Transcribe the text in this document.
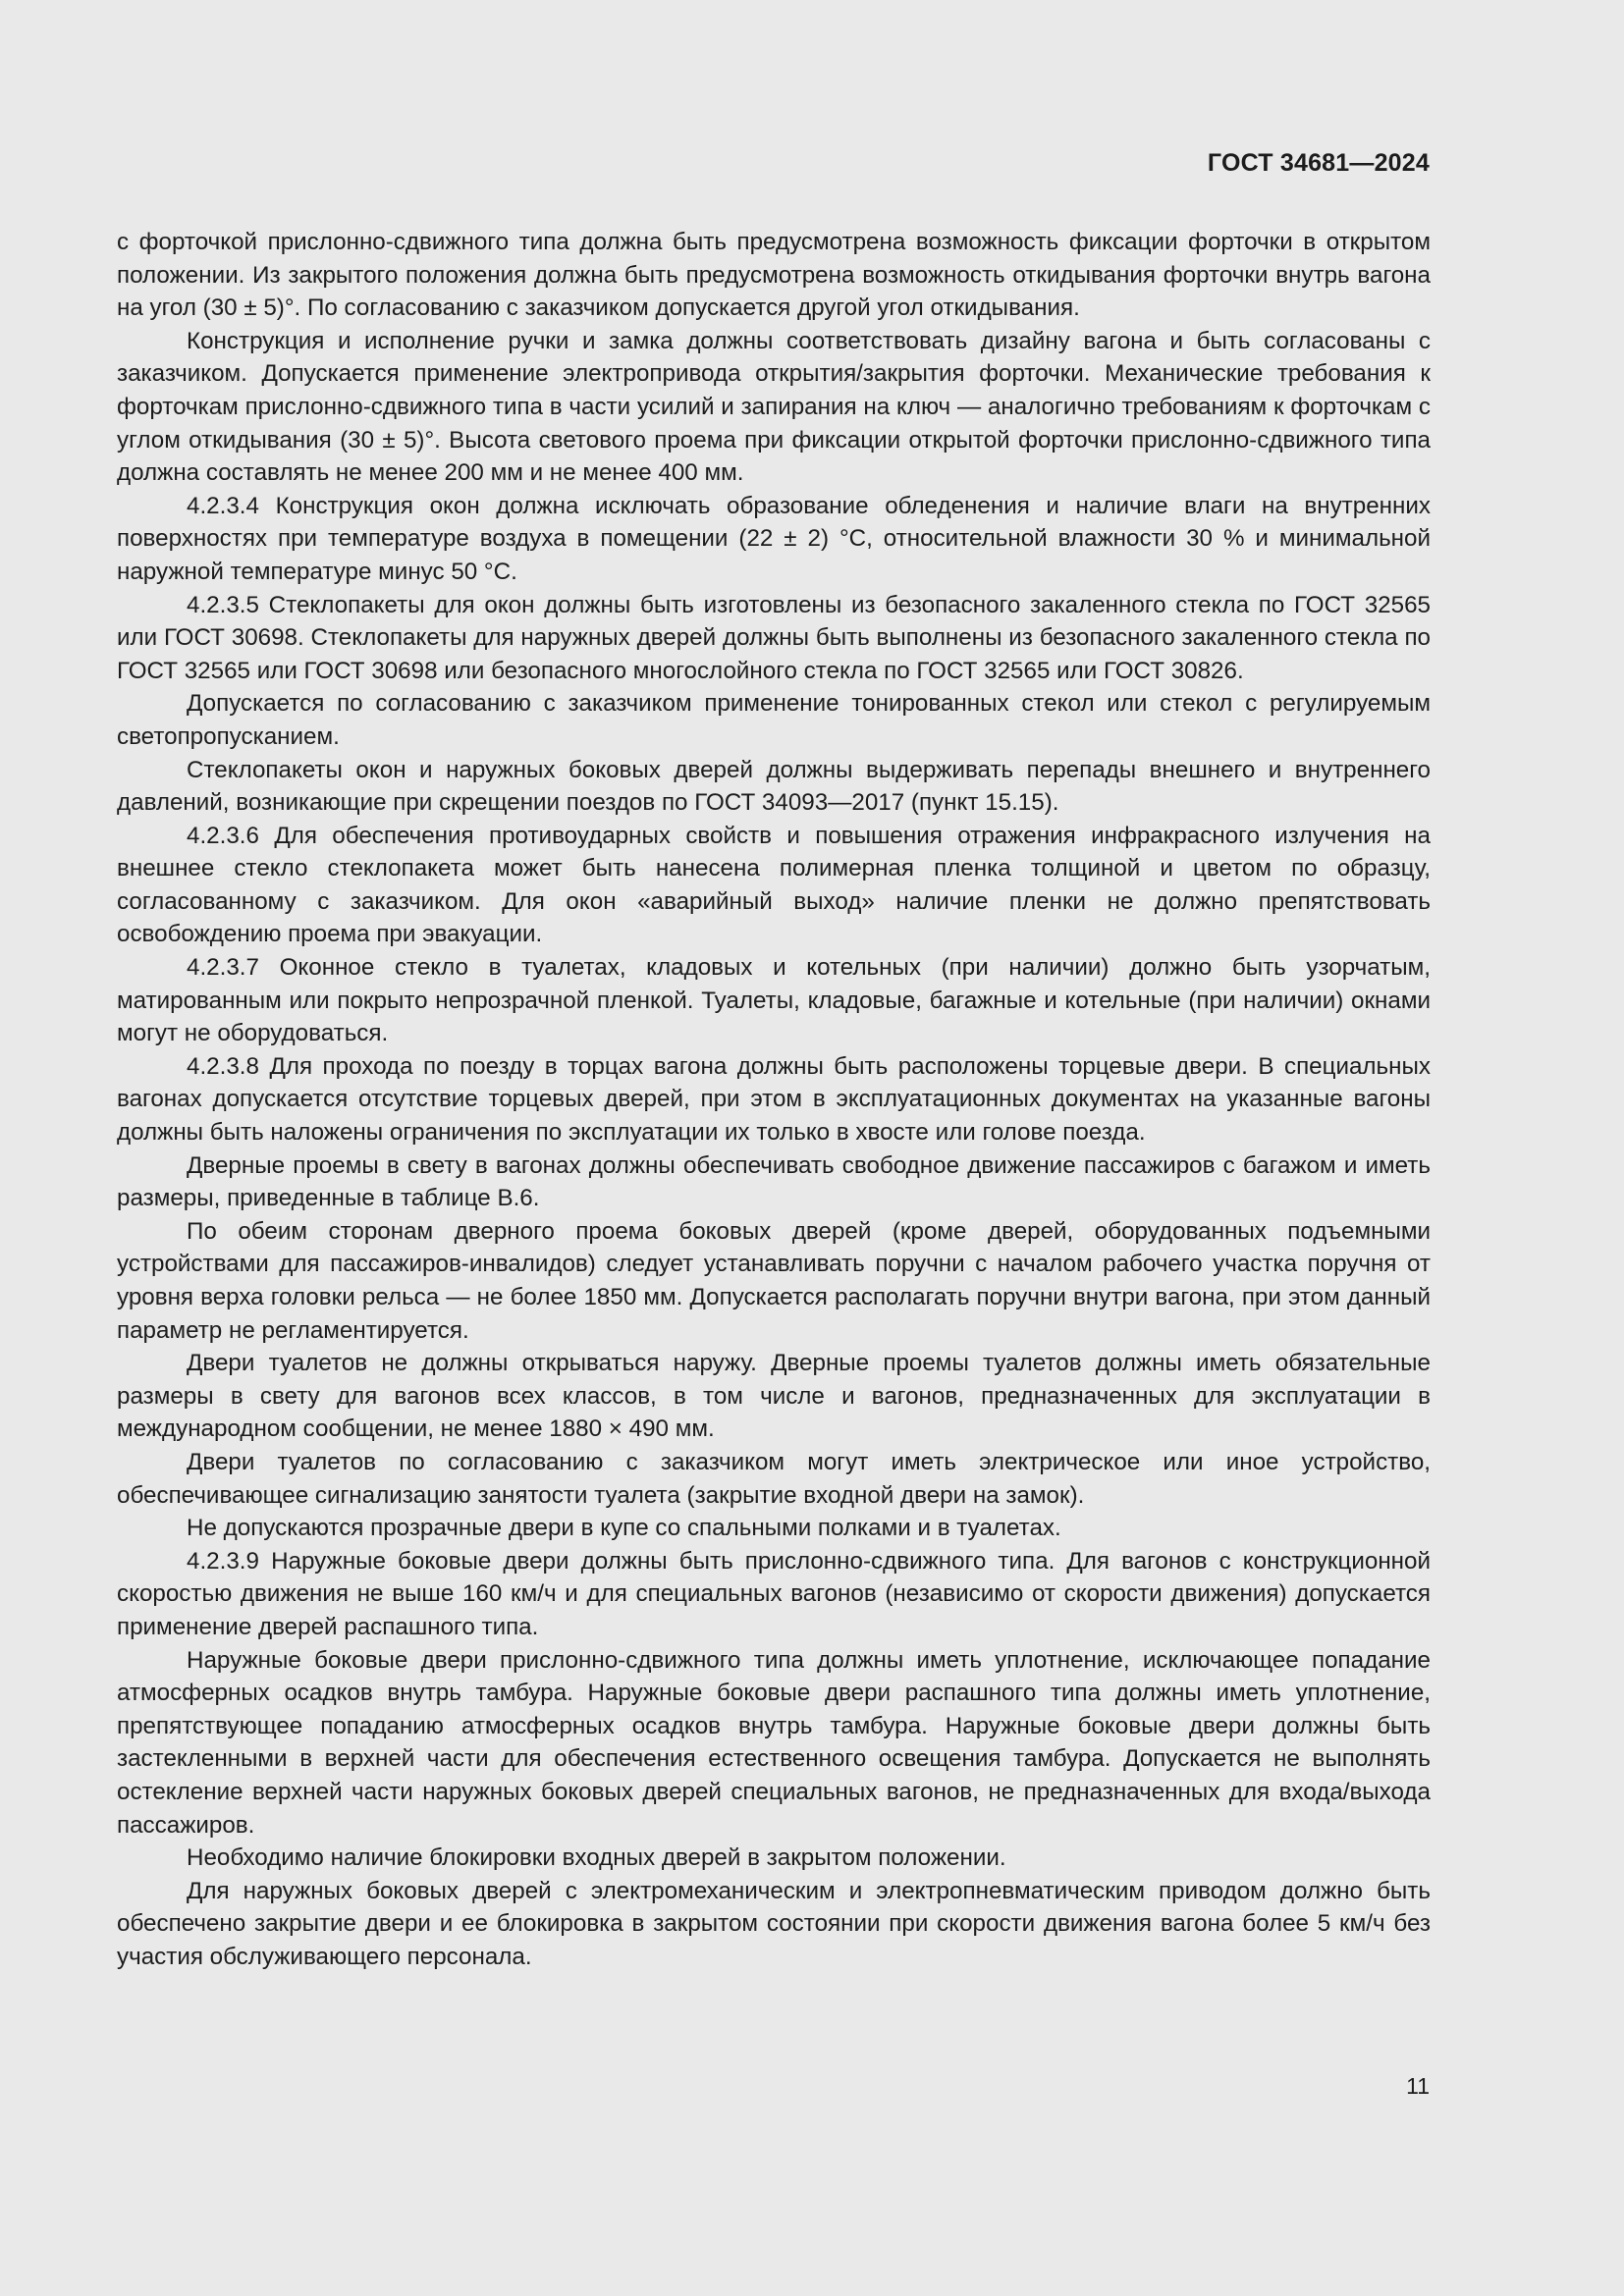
ГОСТ 34681—2024

с форточкой прислонно-сдвижного типа должна быть предусмотрена возможность фиксации форточки в открытом положении. Из закрытого положения должна быть предусмотрена возможность откидывания форточки внутрь вагона на угол (30 ± 5)°. По согласованию с заказчиком допускается другой угол откидывания.

Конструкция и исполнение ручки и замка должны соответствовать дизайну вагона и быть согласованы с заказчиком. Допускается применение электропривода открытия/закрытия форточки. Механические требования к форточкам прислонно-сдвижного типа в части усилий и запирания на ключ — аналогично требованиям к форточкам с углом откидывания (30 ± 5)°. Высота светового проема при фиксации открытой форточки прислонно-сдвижного типа должна составлять не менее 200 мм и не менее 400 мм.

4.2.3.4 Конструкция окон должна исключать образование обледенения и наличие влаги на внутренних поверхностях при температуре воздуха в помещении (22 ± 2) °С, относительной влажности 30 % и минимальной наружной температуре минус 50 °С.

4.2.3.5 Стеклопакеты для окон должны быть изготовлены из безопасного закаленного стекла по ГОСТ 32565 или ГОСТ 30698. Стеклопакеты для наружных дверей должны быть выполнены из безопасного закаленного стекла по ГОСТ 32565 или ГОСТ 30698 или безопасного многослойного стекла по ГОСТ 32565 или ГОСТ 30826.

Допускается по согласованию с заказчиком применение тонированных стекол или стекол с регулируемым светопропусканием.

Стеклопакеты окон и наружных боковых дверей должны выдерживать перепады внешнего и внутреннего давлений, возникающие при скрещении поездов по ГОСТ 34093—2017 (пункт 15.15).

4.2.3.6 Для обеспечения противоударных свойств и повышения отражения инфракрасного излучения на внешнее стекло стеклопакета может быть нанесена полимерная пленка толщиной и цветом по образцу, согласованному с заказчиком. Для окон «аварийный выход» наличие пленки не должно препятствовать освобождению проема при эвакуации.

4.2.3.7 Оконное стекло в туалетах, кладовых и котельных (при наличии) должно быть узорчатым, матированным или покрыто непрозрачной пленкой. Туалеты, кладовые, багажные и котельные (при наличии) окнами могут не оборудоваться.

4.2.3.8 Для прохода по поезду в торцах вагона должны быть расположены торцевые двери. В специальных вагонах допускается отсутствие торцевых дверей, при этом в эксплуатационных документах на указанные вагоны должны быть наложены ограничения по эксплуатации их только в хвосте или голове поезда.

Дверные проемы в свету в вагонах должны обеспечивать свободное движение пассажиров с багажом и иметь размеры, приведенные в таблице В.6.

По обеим сторонам дверного проема боковых дверей (кроме дверей, оборудованных подъемными устройствами для пассажиров-инвалидов) следует устанавливать поручни с началом рабочего участка поручня от уровня верха головки рельса — не более 1850 мм. Допускается располагать поручни внутри вагона, при этом данный параметр не регламентируется.

Двери туалетов не должны открываться наружу. Дверные проемы туалетов должны иметь обязательные размеры в свету для вагонов всех классов, в том числе и вагонов, предназначенных для эксплуатации в международном сообщении, не менее 1880 × 490 мм.

Двери туалетов по согласованию с заказчиком могут иметь электрическое или иное устройство, обеспечивающее сигнализацию занятости туалета (закрытие входной двери на замок).

Не допускаются прозрачные двери в купе со спальными полками и в туалетах.

4.2.3.9 Наружные боковые двери должны быть прислонно-сдвижного типа. Для вагонов с конструкционной скоростью движения не выше 160 км/ч и для специальных вагонов (независимо от скорости движения) допускается применение дверей распашного типа.

Наружные боковые двери прислонно-сдвижного типа должны иметь уплотнение, исключающее попадание атмосферных осадков внутрь тамбура. Наружные боковые двери распашного типа должны иметь уплотнение, препятствующее попаданию атмосферных осадков внутрь тамбура. Наружные боковые двери должны быть застекленными в верхней части для обеспечения естественного освещения тамбура. Допускается не выполнять остекление верхней части наружных боковых дверей специальных вагонов, не предназначенных для входа/выхода пассажиров.

Необходимо наличие блокировки входных дверей в закрытом положении.

Для наружных боковых дверей с электромеханическим и электропневматическим приводом должно быть обеспечено закрытие двери и ее блокировка в закрытом состоянии при скорости движения вагона более 5 км/ч без участия обслуживающего персонала.

11
